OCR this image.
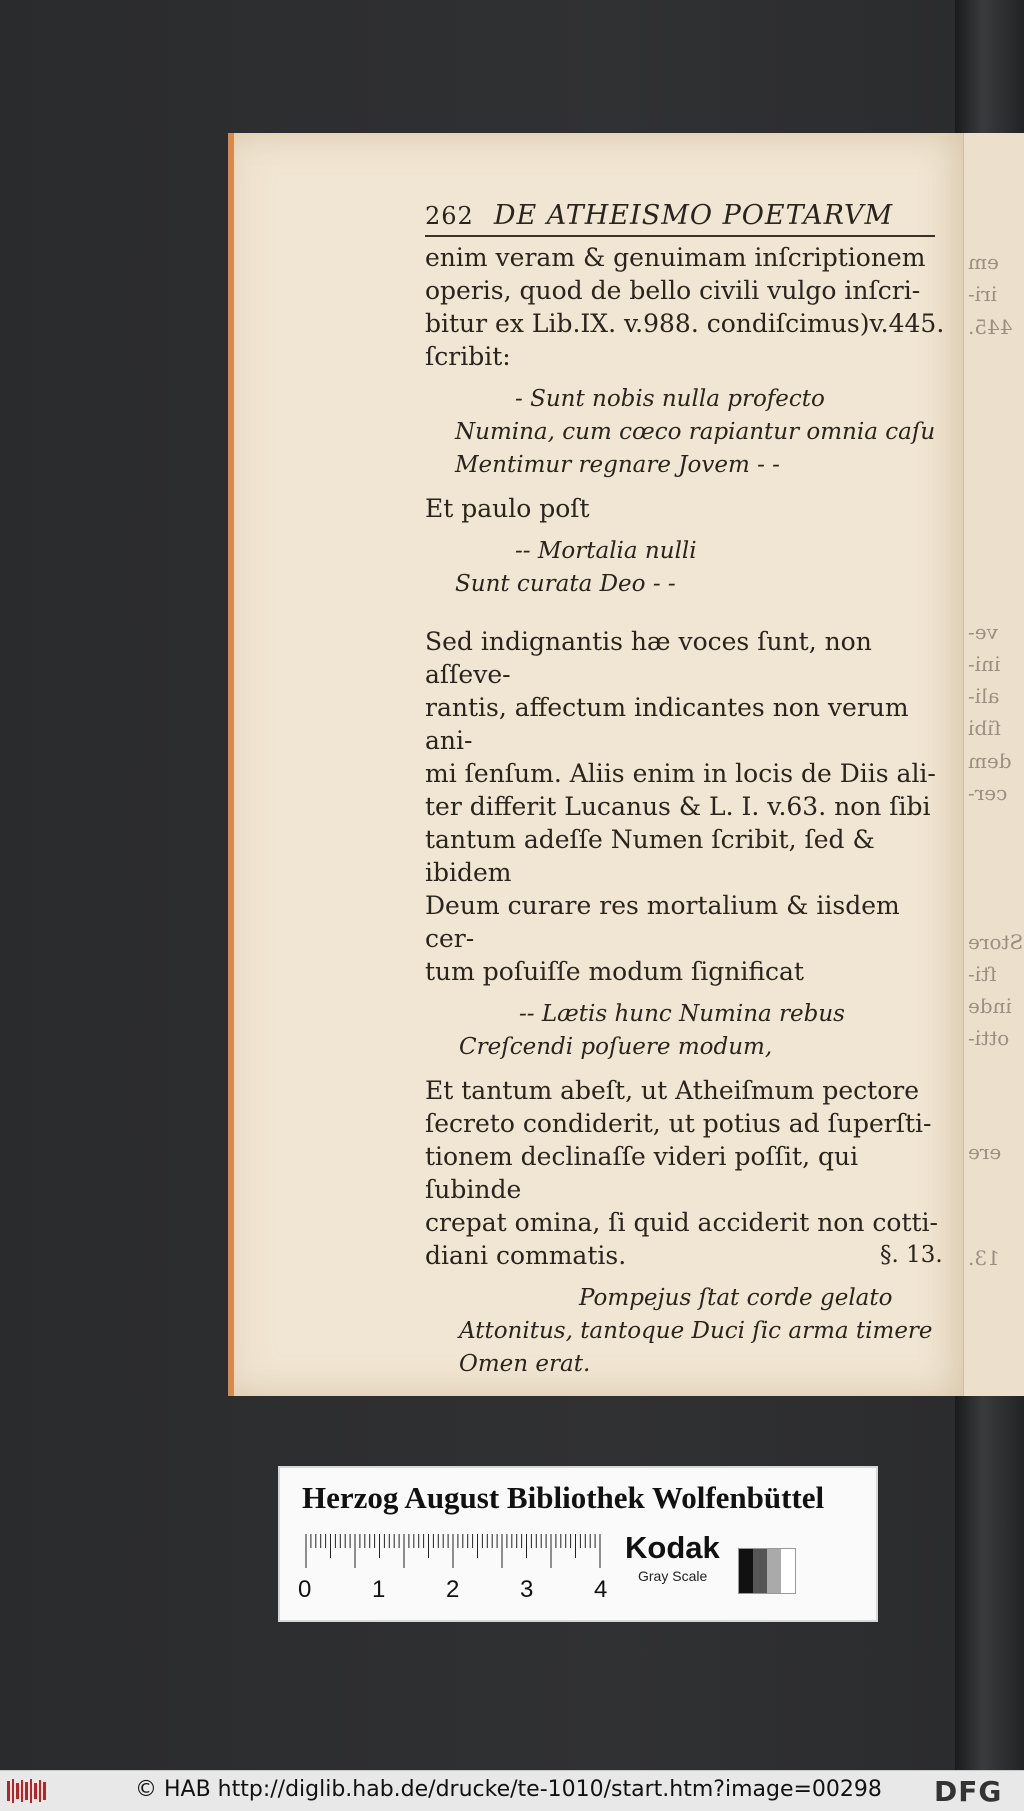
em
iri-
445.
ve-
ini-
ali-
ſibi
dem
cer-
Store
ſti-
inde
otti-
ere
13.
262 DE ATHEISMO POETARVM

enim veram & genuimam inſcriptionem

operis, quod de bello civili vulgo inſcri-

bitur ex Lib.IX. v.988. condiſcimus)v.445.

ſcribit:

- Sunt nobis nulla profecto

Numina, cum cœco rapiantur omnia caſu

Mentimur regnare Jovem - -

Et paulo poſt

-- Mortalia nulli

Sunt curata Deo - -

Sed indignantis hæ voces ſunt, non aſſeve-

rantis, affectum indicantes non verum ani-

mi ſenſum. Aliis enim in locis de Diis ali-

ter differit Lucanus & L. I. v.63. non ſibi

tantum adeſſe Numen ſcribit, ſed & ibidem

Deum curare res mortalium & iisdem cer-

tum poſuiſſe modum ſignificat

-- Lætis hunc Numina rebus

Creſcendi poſuere modum,

Et tantum abeſt, ut Atheiſmum pectore

ſecreto condiderit, ut potius ad ſuperſti-

tionem declinaſſe videri poſſit, qui ſubinde

crepat omina, ſi quid acciderit non cotti-

diani commatis.

Pompejus ſtat corde gelato

Attonitus, tantoque Duci ſic arma timere

Omen erat.

§. 13.
Herzog August Bibliothek Wolfenbüttel
0	1	2	3	4
Kodak
Gray Scale
© HAB http://diglib.hab.de/drucke/te-1010/start.htm?image=00298 DFG
